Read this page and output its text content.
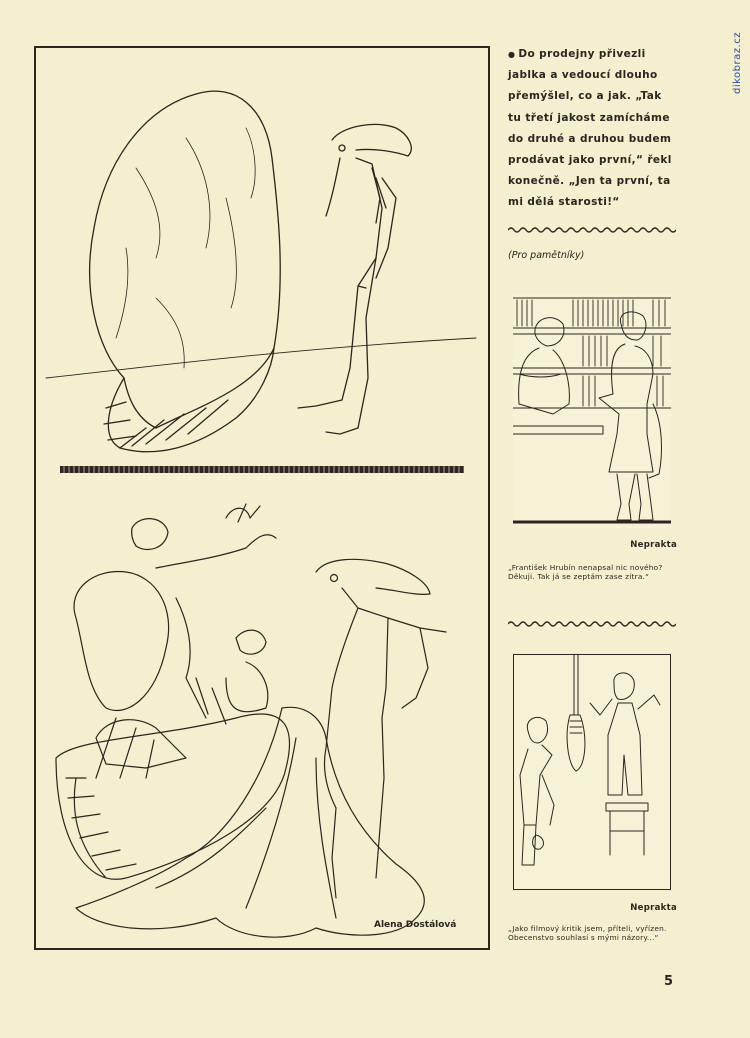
dikobraz.cz
Alena Dostálová
● Do prodejny přivezli jablka a vedoucí dlouho přemýšlel, co a jak. „Tak tu třetí jakost zamícháme do druhé a druhou budem prodávat jako první,“ řekl konečně. „Jen ta první, ta mi dělá starosti!“
(Pro pamětníky)
Neprakta
„František Hrubín nenapsal nic nového? Děkuji. Tak já se zeptám zase zítra.“
Neprakta
„Jako filmový kritik jsem, příteli, vyřízen. Obecenstvo souhlasí s mými názory...“
5
